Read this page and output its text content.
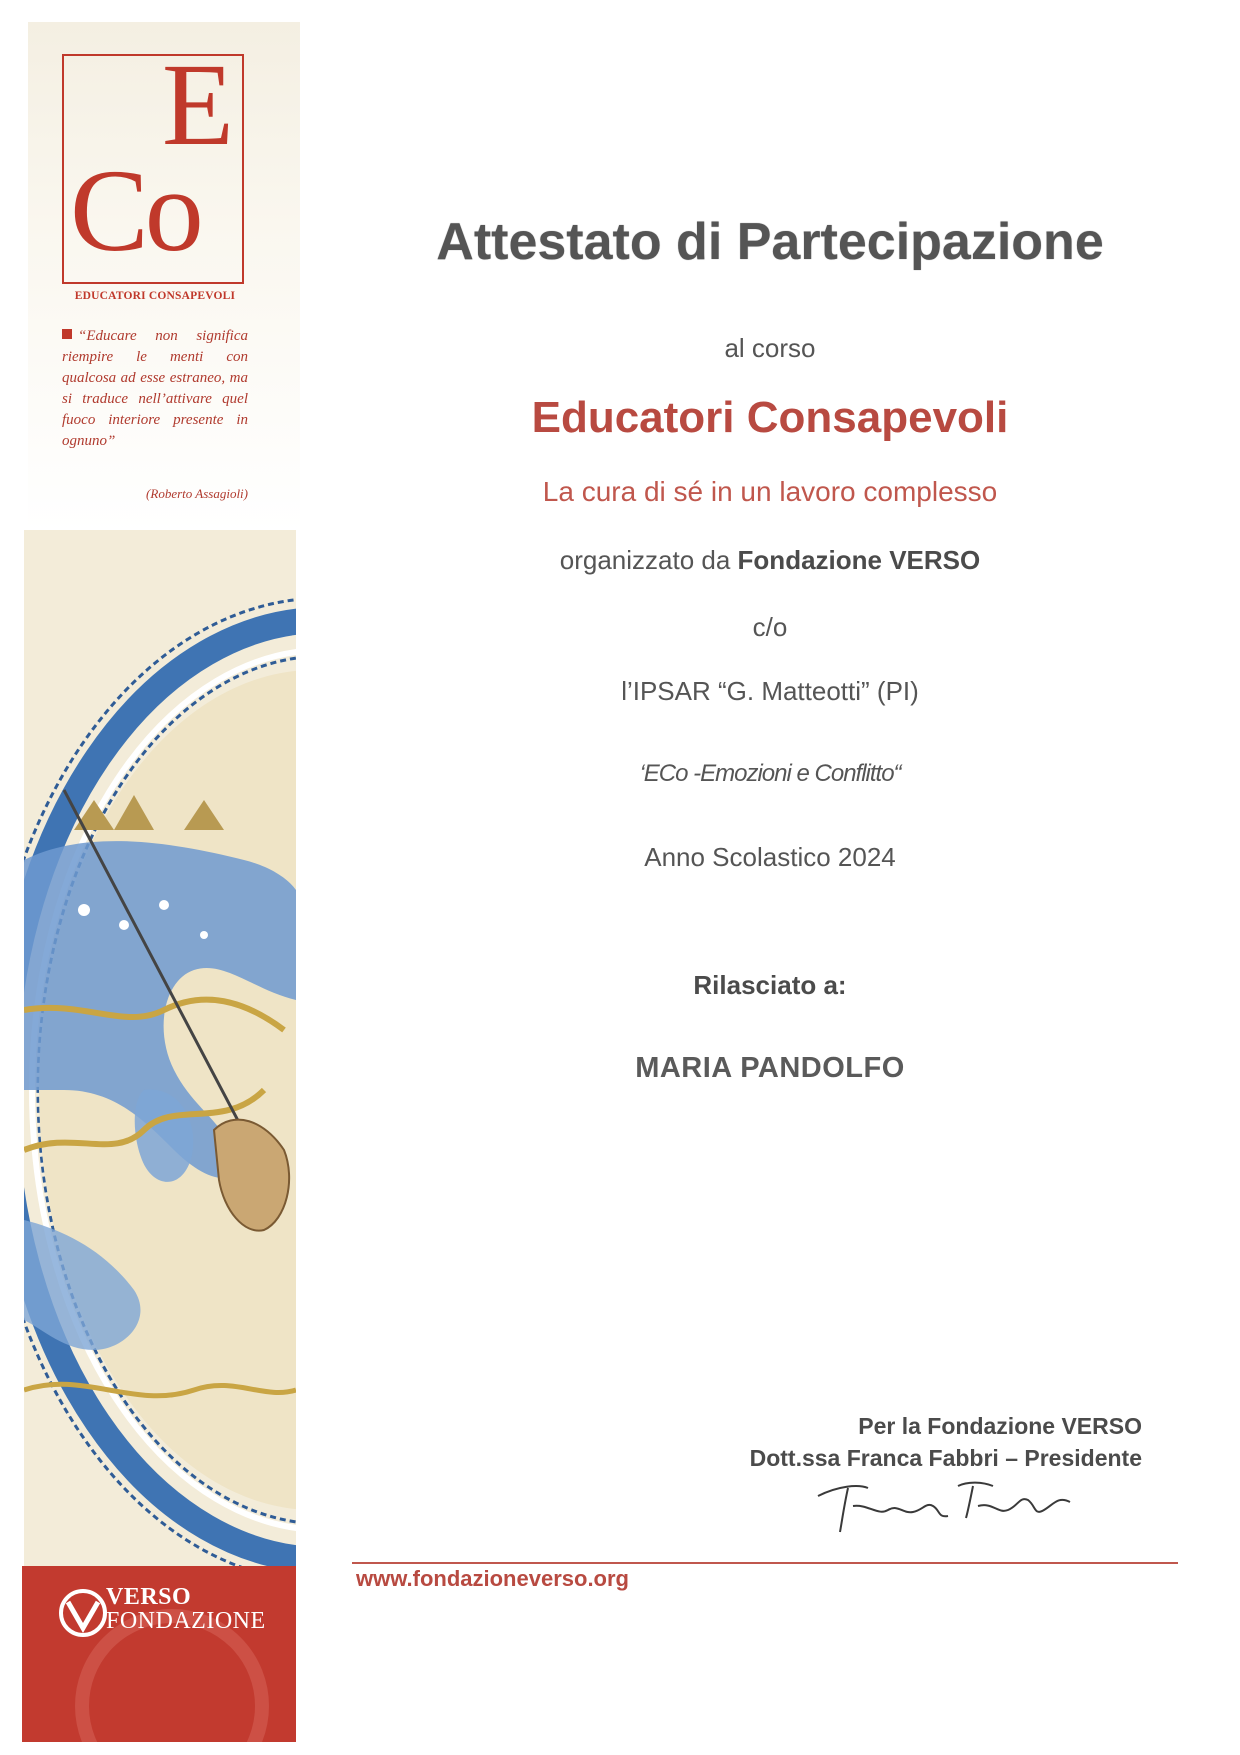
E
Co
EDUCATORI CONSAPEVOLI
“Educare non significa riempire le menti con qualcosa ad esse estraneo, ma si traduce nell’attivare quel fuoco interiore presente in ognuno”
(Roberto Assagioli)
VERSO
FONDAZIONE
Attestato di Partecipazione
al corso
Educatori Consapevoli
La cura di sé in un lavoro complesso
organizzato da Fondazione VERSO
c/o
l’IPSAR “G. Matteotti” (PI)
‘ECo -Emozioni e Conflitto“
Anno Scolastico 2024
Rilasciato a:
MARIA PANDOLFO
Per la Fondazione VERSO
Dott.ssa Franca Fabbri – Presidente
www.fondazioneverso.org
